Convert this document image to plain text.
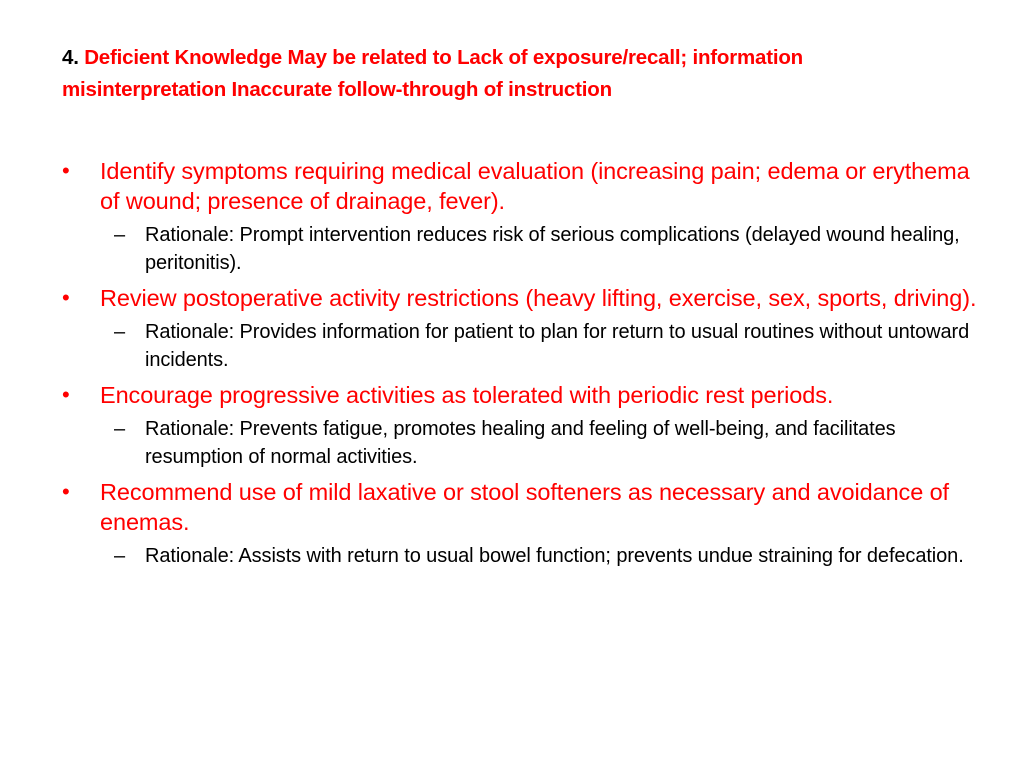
4. Deficient Knowledge May be related to Lack of exposure/recall; information misinterpretation Inaccurate follow-through of instruction
• Identify symptoms requiring medical evaluation (increasing pain; edema or erythema of wound; presence of drainage, fever).
– Rationale: Prompt intervention reduces risk of serious complications (delayed wound healing, peritonitis).
• Review postoperative activity restrictions (heavy lifting, exercise, sex, sports, driving).
– Rationale: Provides information for patient to plan for return to usual routines without untoward incidents.
• Encourage progressive activities as tolerated with periodic rest periods.
– Rationale: Prevents fatigue, promotes healing and feeling of well-being, and facilitates resumption of normal activities.
• Recommend use of mild laxative or stool softeners as necessary and avoidance of enemas.
– Rationale: Assists with return to usual bowel function; prevents undue straining for defecation.
